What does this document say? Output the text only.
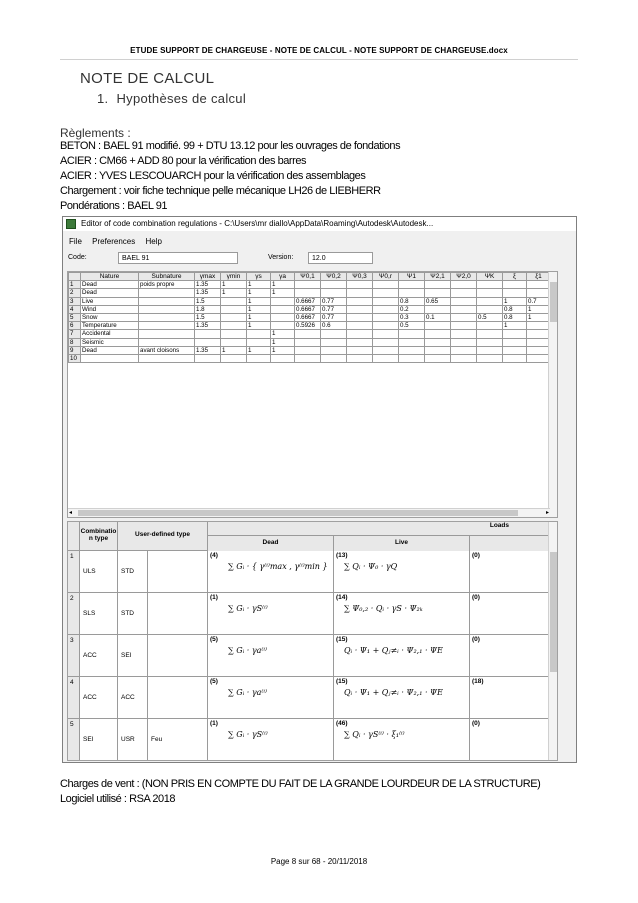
ETUDE SUPPORT DE CHARGEUSE - NOTE DE CALCUL - NOTE SUPPORT DE CHARGEUSE.docx
NOTE DE CALCUL
1. Hypothèses de calcul
Règlements :
BETON : BAEL 91 modifié. 99 + DTU 13.12 pour les ouvrages de fondations
ACIER : CM66 + ADD 80 pour la vérification des barres
ACIER : YVES LESCOUARCH pour la vérification des assemblages
Chargement : voir fiche technique pelle mécanique LH26 de LIEBHERR
Pondérations : BAEL 91
Editor of code combination regulations - C:\Users\mr diallo\AppData\Roaming\Autodesk\Autodesk...
File Preferences Help
Code:	BAEL 91	Version:	12.0
	Nature	Subnature	γmax	γmin	γs	γa	Ψ0,1	Ψ0,2	Ψ0,3	Ψ0,r	Ψ1	Ψ2,1	Ψ2,0	ΨK	ξ	ξ1
1	Dead	poids propre	1.35	1	1	1										
2	Dead		1.35	1	1	1										
3	Live		1.5		1		0.6667	0.77			0.8	0.65			1	0.7
4	Wind		1.8		1		0.6667	0.77			0.2				0.8	1
5	Snow		1.5		1		0.6667	0.77			0.3	0.1		0.5	0.8	1
6	Temperature		1.35		1		0.5926	0.6			0.5				1	
7	Accidental					1										
8	Seismic					1										
9	Dead	avant cloisons	1.35	1	1	1										
10																

◂	▸
Combinatio n type
User-defined type
Loads
Dead	Live
1
ULS	STD
(4)
∑ Gᵢ · { γ⁽ⁱ⁾max , γ⁽ⁱ⁾min }
(13)
∑ Qᵢ · Ψ₀ · γQ
(0)
2
SLS	STD
(1)
∑ Gᵢ · γS⁽ⁱ⁾
(14)
∑ Ψ₀,₂ · Qᵢ · γS · Ψ₂ₖ
(0)
3
ACC	SEI
(5)
∑ Gᵢ · γa⁽ⁱ⁾
(15)
Qᵢ · Ψ₁ + Qⱼ≠ᵢ · Ψ₂,₁ · ΨE
(0)
4
ACC	ACC
(5)
∑ Gᵢ · γa⁽ⁱ⁾
(15)
Qᵢ · Ψ₁ + Qⱼ≠ᵢ · Ψ₂,₁ · ΨE
(18)
5
SEI	USR	Feu
(1)
∑ Gᵢ · γS⁽ⁱ⁾
(46)
∑ Qᵢ · γS⁽ⁱ⁾ · ξ₁⁽ⁱ⁾
(0)
Charges de vent : (NON PRIS EN COMPTE DU FAIT DE LA GRANDE LOURDEUR DE LA STRUCTURE)
Logiciel utilisé : RSA 2018
Page 8 sur 68 - 20/11/2018
